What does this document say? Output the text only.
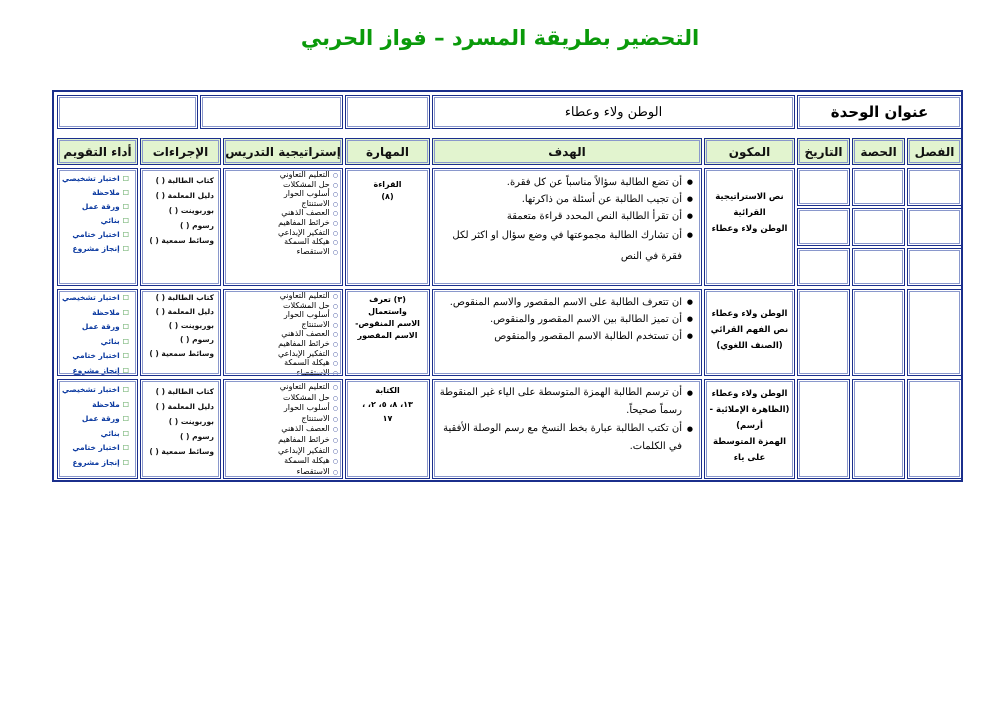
التحضير بطريقة المسرد – فواز الحربي
عنوان الوحدة
الوطن ولاء وعطاء
الفصل
الحصة
التاريخ
المكون
الهدف
المهارة
إستراتيجية التدريس
الإجراءات
أداء التقويم
نص الاستراتيجية
القرائية
الوطن ولاء وعطاء
● أن تضع الطالبة سؤالاً مناسباً عن كل فقرة.
● أن تجيب الطالبة عن أسئلة من ذاكرتها.
● أن تقرأ الطالبة النص المحدد قراءة متعمقة
● أن تشارك الطالبة مجموعتها في وضع سؤال او اكثر لكل فقرة في النص
القراءة
(٨)
○ التعليم التعاوني
○ حل المشكلات
○ أسلوب الحوار
○ الاستنتاج
○ العصف الذهني
○ خرائط المفاهيم
○ التفكير الإبداعي
○ هيكلة السمكة
○ الاستقصاء
كتاب الطالبة ( )
دليل المعلمة ( )
بوربوينت ( )
رسوم ( )
وسائط سمعية ( )
☐ اختبار تشخيصي
☐ ملاحظة
☐ ورقة عمل
☐ بنائي
☐ اختبار ختامي
☐ إنجاز مشروع
الوطن ولاء وعطاء
نص الفهم القرائي
(الصنف اللغوي)
● ان تتعرف الطالبة على الاسم المقصور والاسم المنقوص.
● أن تميز الطالبة بين الاسم المقصور والمنقوص.
● أن تستخدم الطالبة الاسم المقصور والمنقوص
(٣) تعرف واستعمال
الاسم المنقوص-
الاسم المقصور
○ التعليم التعاوني
○ حل المشكلات
○ أسلوب الحوار
○ الاستنتاج
○ العصف الذهني
○ خرائط المفاهيم
○ التفكير الإبداعي
○ هيكلة السمكة
○ الاستقصاء
كتاب الطالبة ( )
دليل المعلمة ( )
بوربوينت ( )
رسوم ( )
وسائط سمعية ( )
☐ اختبار تشخيصي
☐ ملاحظة
☐ ورقة عمل
☐ بنائي
☐ اختبار ختامي
☐ إنجاز مشروع
الوطن ولاء وعطاء
(الظاهرة الإملائية -
أرسم)
الهمزة المتوسطة
على ياء
● أن ترسم الطالبة الهمزة المتوسطة على الياء غير المنقوطة رسماً صحيحاً.
● أن تكتب الطالبة عبارة بخط النسخ مع رسم الوصلة الأفقية في الكلمات.
الكتابة
١٣، ٨، ٥، ٢، ،
١٧
○ التعليم التعاوني
○ حل المشكلات
○ أسلوب الحوار
○ الاستنتاج
○ العصف الذهني
○ خرائط المفاهيم
○ التفكير الإبداعي
○ هيكلة السمكة
○ الاستقصاء
كتاب الطالبة ( )
دليل المعلمة ( )
بوربوينت ( )
رسوم ( )
وسائط سمعية ( )
☐ اختبار تشخيصي
☐ ملاحظة
☐ ورقة عمل
☐ بنائي
☐ اختبار ختامي
☐ إنجاز مشروع
